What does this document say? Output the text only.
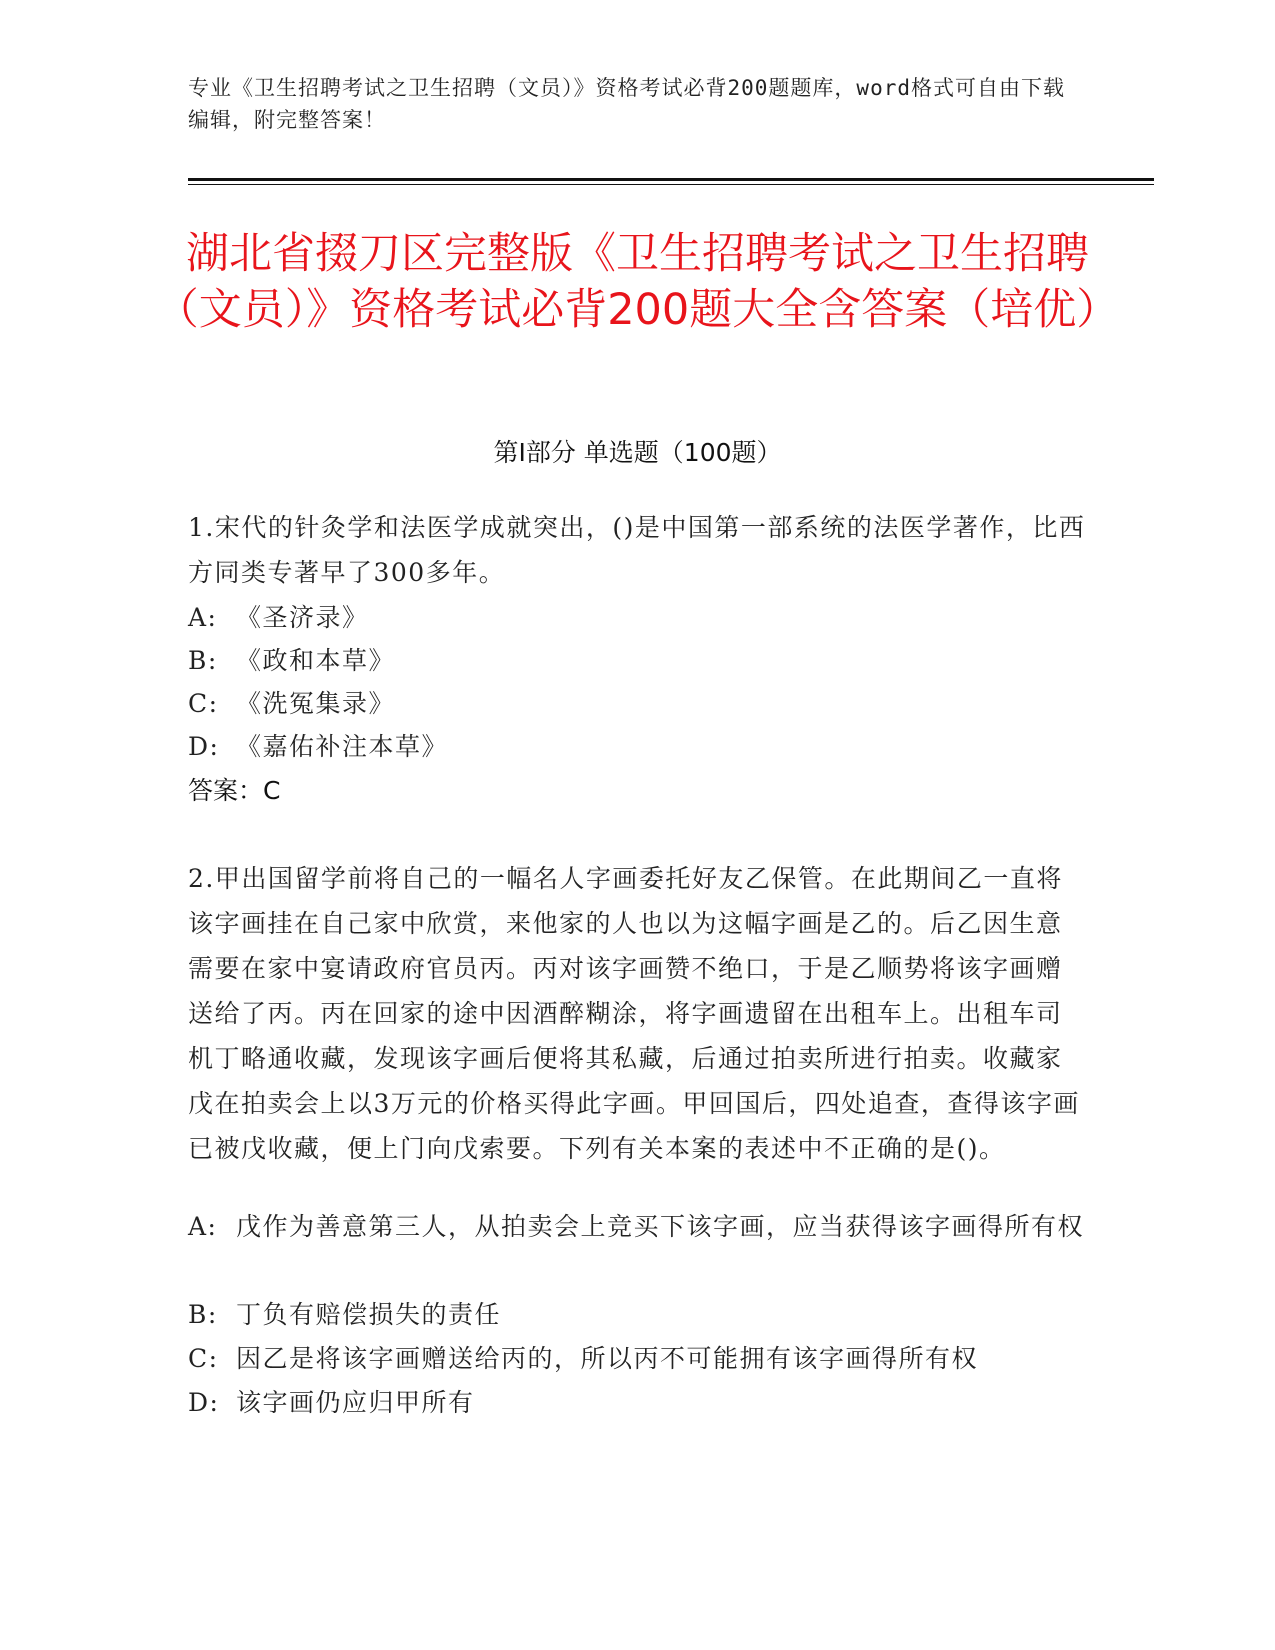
专业《卫生招聘考试之卫生招聘（文员）》资格考试必背200题题库，word格式可自由下载编辑，附完整答案！
湖北省掇刀区完整版《卫生招聘考试之卫生招聘（文员）》资格考试必背200题大全含答案（培优）
第Ⅰ部分 单选题（100题）
1.宋代的针灸学和法医学成就突出，()是中国第一部系统的法医学著作，比西方同类专著早了300多年。
A: 《圣济录》
B: 《政和本草》
C: 《洗冤集录》
D: 《嘉佑补注本草》
答案：C
2.甲出国留学前将自己的一幅名人字画委托好友乙保管。在此期间乙一直将该字画挂在自己家中欣赏，来他家的人也以为这幅字画是乙的。后乙因生意需要在家中宴请政府官员丙。丙对该字画赞不绝口，于是乙顺势将该字画赠送给了丙。丙在回家的途中因酒醉糊涂，将字画遗留在出租车上。出租车司机丁略通收藏，发现该字画后便将其私藏，后通过拍卖所进行拍卖。收藏家戊在拍卖会上以3万元的价格买得此字画。甲回国后，四处追查，查得该字画已被戊收藏，便上门向戊索要。下列有关本案的表述中不正确的是()。
A: 戊作为善意第三人，从拍卖会上竞买下该字画，应当获得该字画得所有权
B: 丁负有赔偿损失的责任
C: 因乙是将该字画赠送给丙的，所以丙不可能拥有该字画得所有权
D: 该字画仍应归甲所有
